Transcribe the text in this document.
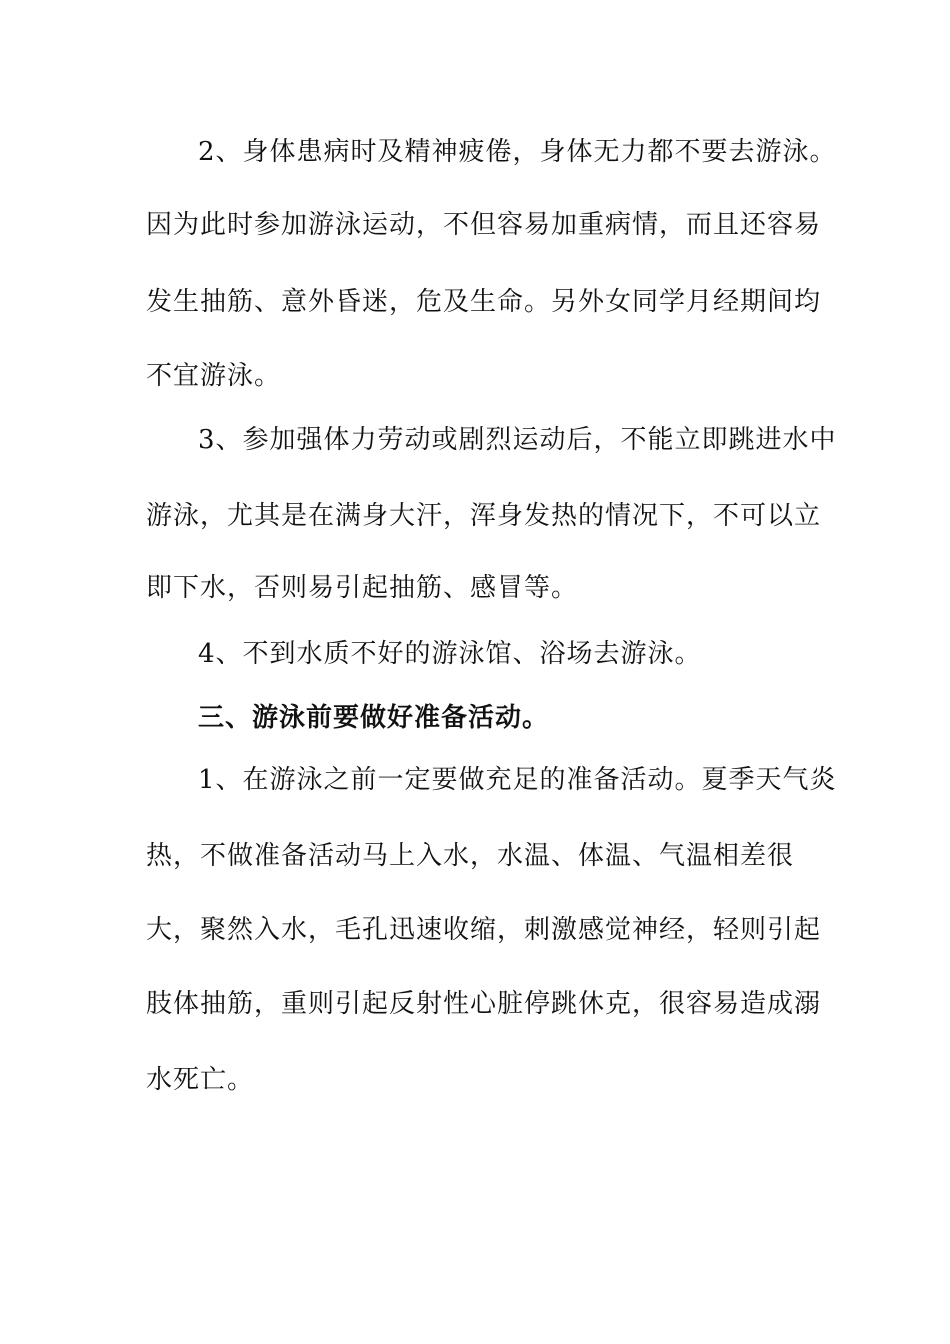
2、身体患病时及精神疲倦，身体无力都不要去游泳。
因为此时参加游泳运动，不但容易加重病情，而且还容易
发生抽筋、意外昏迷，危及生命。另外女同学月经期间均
不宜游泳。
3、参加强体力劳动或剧烈运动后，不能立即跳进水中
游泳，尤其是在满身大汗，浑身发热的情况下，不可以立
即下水，否则易引起抽筋、感冒等。
4、不到水质不好的游泳馆、浴场去游泳。
三、游泳前要做好准备活动。
1、在游泳之前一定要做充足的准备活动。夏季天气炎
热，不做准备活动马上入水，水温、体温、气温相差很
大，聚然入水，毛孔迅速收缩，刺激感觉神经，轻则引起
肢体抽筋，重则引起反射性心脏停跳休克，很容易造成溺
水死亡。
